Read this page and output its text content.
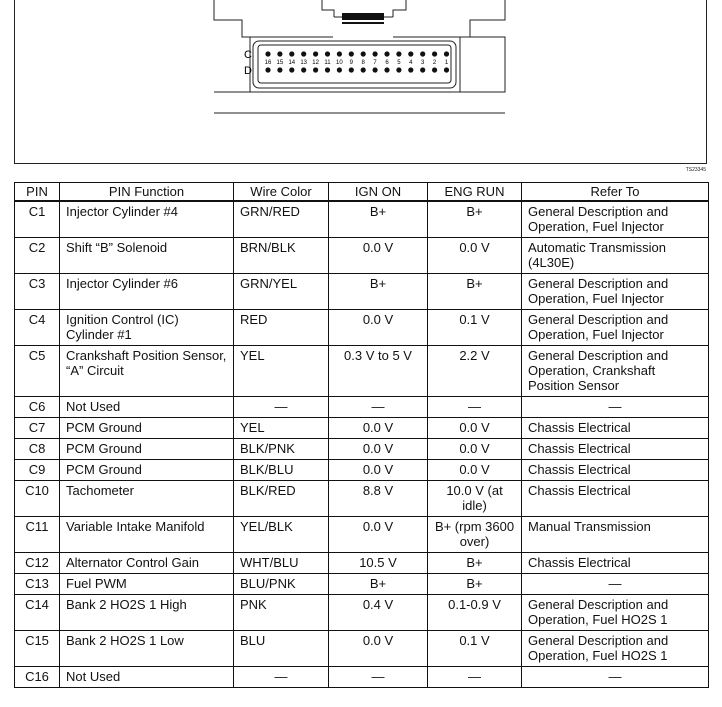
16 15 14 13 12 11 10 9 8 7 6 5 4 3 2 1
C
D
TS23345
PIN	PIN Function	Wire Color	IGN ON	ENG RUN	Refer To
C1	Injector Cylinder #4	GRN/RED	B+	B+	General Description and Operation, Fuel Injector
C2	Shift “B” Solenoid	BRN/BLK	0.0 V	0.0 V	Automatic Transmission (4L30E)
C3	Injector Cylinder #6	GRN/YEL	B+	B+	General Description and Operation, Fuel Injector
C4	Ignition Control (IC) Cylinder #1	RED	0.0 V	0.1 V	General Description and Operation, Fuel Injector
C5	Crankshaft Position Sensor, “A” Circuit	YEL	0.3 V to 5 V	2.2 V	General Description and Operation, Crankshaft Position Sensor
C6	Not Used	—	—	—	—
C7	PCM Ground	YEL	0.0 V	0.0 V	Chassis Electrical
C8	PCM Ground	BLK/PNK	0.0 V	0.0 V	Chassis Electrical
C9	PCM Ground	BLK/BLU	0.0 V	0.0 V	Chassis Electrical
C10	Tachometer	BLK/RED	8.8 V	10.0 V (at idle)	Chassis Electrical
C11	Variable Intake Manifold	YEL/BLK	0.0 V	B+ (rpm 3600 over)	Manual Transmission
C12	Alternator Control Gain	WHT/BLU	10.5 V	B+	Chassis Electrical
C13	Fuel PWM	BLU/PNK	B+	B+	—
C14	Bank 2 HO2S 1 High	PNK	0.4 V	0.1-0.9 V	General Description and Operation, Fuel HO2S 1
C15	Bank 2 HO2S 1 Low	BLU	0.0 V	0.1 V	General Description and Operation, Fuel HO2S 1
C16	Not Used	—	—	—	—
